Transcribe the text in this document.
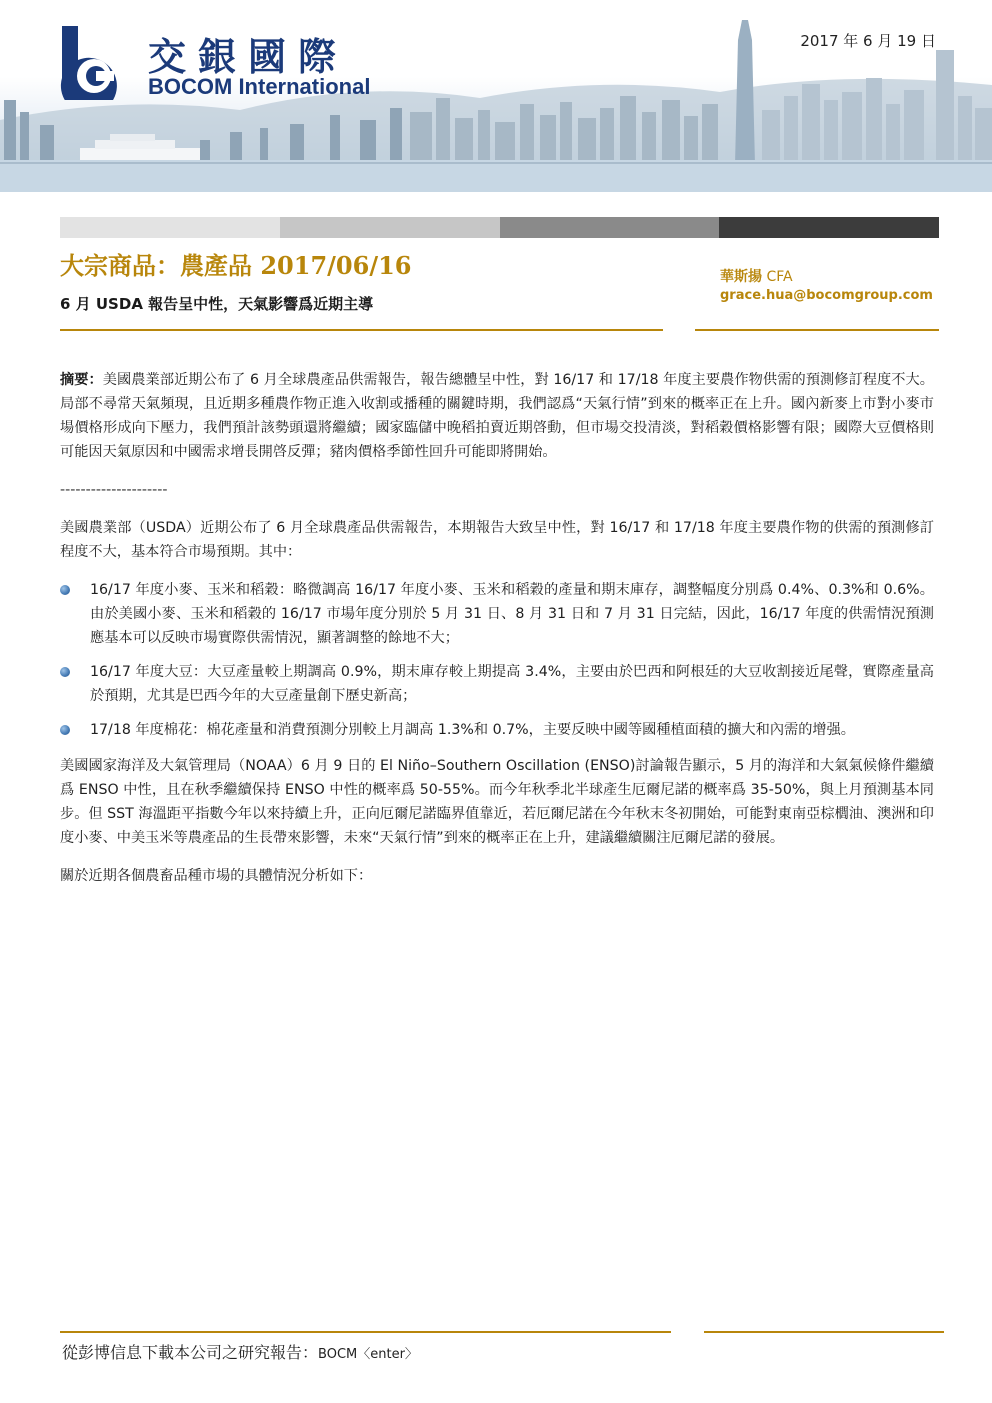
交銀國際
BOCOM International
2017 年 6 月 19 日
大宗商品：農產品 2017/06/16
6 月 USDA 報告呈中性，天氣影響爲近期主導
華斯揚 CFA
grace.hua@bocomgroup.com

摘要：美國農業部近期公布了 6 月全球農產品供需報告，報告總體呈中性，對 16/17 和 17/18 年度主要農作物供需的預測修訂程度不大。局部不尋常天氣頻現，且近期多種農作物正進入收割或播種的關鍵時期，我們認爲“天氣行情”到來的概率正在上升。國內新麥上市對小麥市場價格形成向下壓力，我們預計該勢頭還將繼續；國家臨儲中晚稻拍賣近期啓動，但市場交投清淡，對稻穀價格影響有限；國際大豆價格則可能因天氣原因和中國需求增長開啓反彈；豬肉價格季節性回升可能即將開始。

---------------------

美國農業部（USDA）近期公布了 6 月全球農產品供需報告，本期報告大致呈中性，對 16/17 和 17/18 年度主要農作物的供需的預測修訂程度不大，基本符合市場預期。其中：

16/17 年度小麥、玉米和稻穀：略微調高 16/17 年度小麥、玉米和稻穀的產量和期末庫存，調整幅度分別爲 0.4%、0.3%和 0.6%。由於美國小麥、玉米和稻穀的 16/17 市場年度分別於 5 月 31 日、8 月 31 日和 7 月 31 日完結，因此，16/17 年度的供需情況預測應基本可以反映市場實際供需情況，顯著調整的餘地不大；
16/17 年度大豆：大豆產量較上期調高 0.9%，期末庫存較上期提高 3.4%，主要由於巴西和阿根廷的大豆收割接近尾聲，實際產量高於預期，尤其是巴西今年的大豆產量創下歷史新高；
17/18 年度棉花：棉花產量和消費預測分別較上月調高 1.3%和 0.7%，主要反映中國等國種植面積的擴大和內需的增强。

美國國家海洋及大氣管理局（NOAA）6 月 9 日的 El Niño–Southern Oscillation (ENSO)討論報告顯示，5 月的海洋和大氣氣候條件繼續爲 ENSO 中性，且在秋季繼續保持 ENSO 中性的概率爲 50-55%。而今年秋季北半球產生厄爾尼諾的概率爲 35-50%，與上月預測基本同步。但 SST 海溫距平指數今年以來持續上升，正向厄爾尼諾臨界值靠近，若厄爾尼諾在今年秋末冬初開始，可能對東南亞棕櫚油、澳洲和印度小麥、中美玉米等農產品的生長帶來影響，未來“天氣行情”到來的概率正在上升，建議繼續關注厄爾尼諾的發展。

關於近期各個農畜品種市場的具體情況分析如下：

從彭博信息下載本公司之研究報告：BOCM〈enter〉
